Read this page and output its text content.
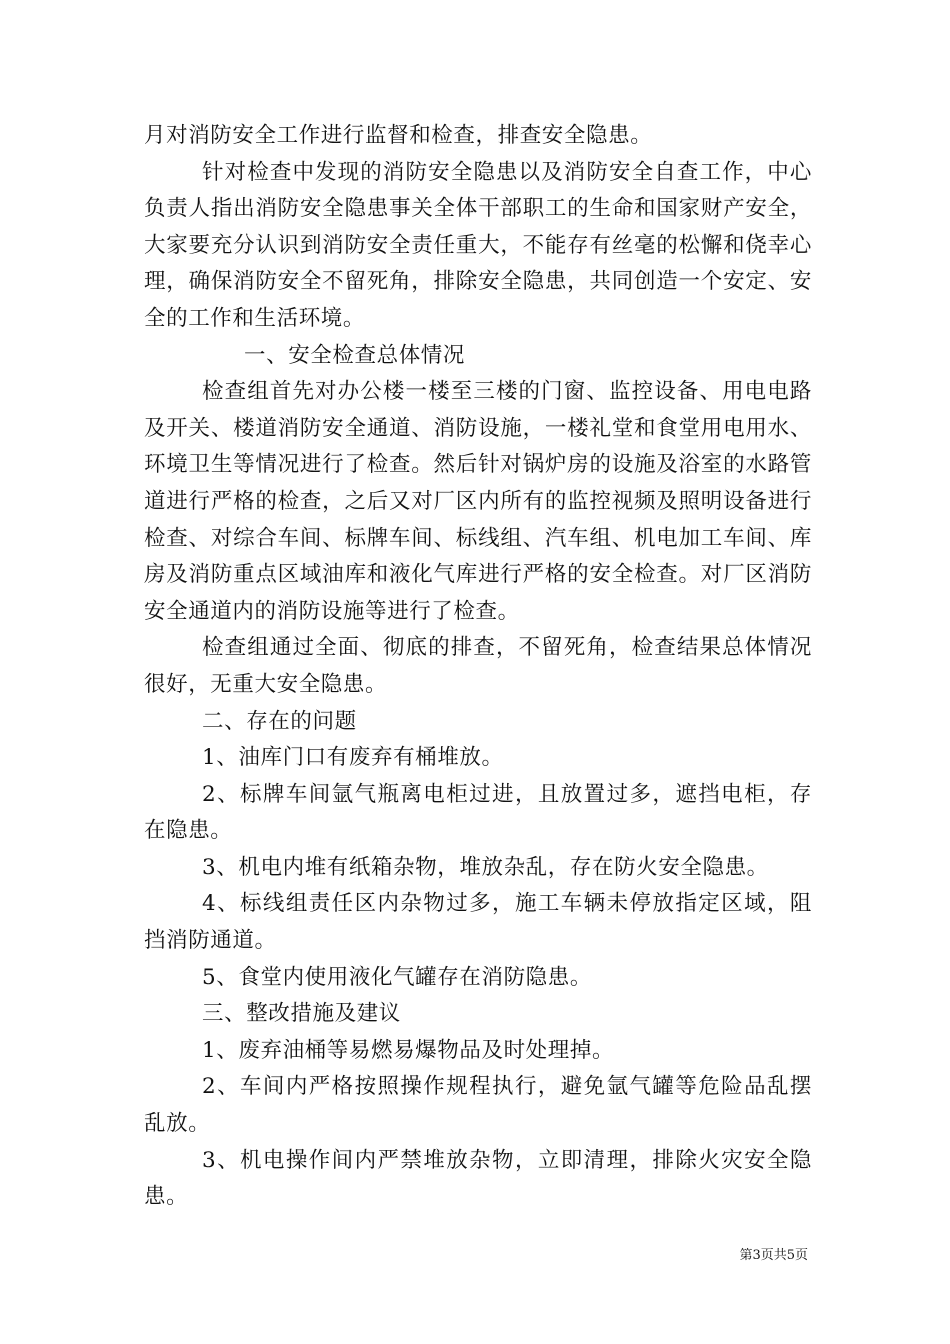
月对消防安全工作进行监督和检查，排查安全隐患。

针对检查中发现的消防安全隐患以及消防安全自查工作，中心负责人指出消防安全隐患事关全体干部职工的生命和国家财产安全，大家要充分认识到消防安全责任重大，不能存有丝毫的松懈和侥幸心理，确保消防安全不留死角，排除安全隐患，共同创造一个安定、安全的工作和生活环境。

一、安全检查总体情况

检查组首先对办公楼一楼至三楼的门窗、监控设备、用电电路及开关、楼道消防安全通道、消防设施，一楼礼堂和食堂用电用水、环境卫生等情况进行了检查。然后针对锅炉房的设施及浴室的水路管道进行严格的检查，之后又对厂区内所有的监控视频及照明设备进行检查、对综合车间、标牌车间、标线组、汽车组、机电加工车间、库房及消防重点区域油库和液化气库进行严格的安全检查。对厂区消防安全通道内的消防设施等进行了检查。

检查组通过全面、彻底的排查，不留死角，检查结果总体情况很好，无重大安全隐患。

二、存在的问题

1、油库门口有废弃有桶堆放。

2、标牌车间氩气瓶离电柜过进，且放置过多，遮挡电柜，存在隐患。

3、机电内堆有纸箱杂物，堆放杂乱，存在防火安全隐患。

4、标线组责任区内杂物过多，施工车辆未停放指定区域，阻挡消防通道。

5、食堂内使用液化气罐存在消防隐患。

三、整改措施及建议

1、废弃油桶等易燃易爆物品及时处理掉。

2、车间内严格按照操作规程执行，避免氩气罐等危险品乱摆乱放。

3、机电操作间内严禁堆放杂物，立即清理，排除火灾安全隐患。

第3页共5页
